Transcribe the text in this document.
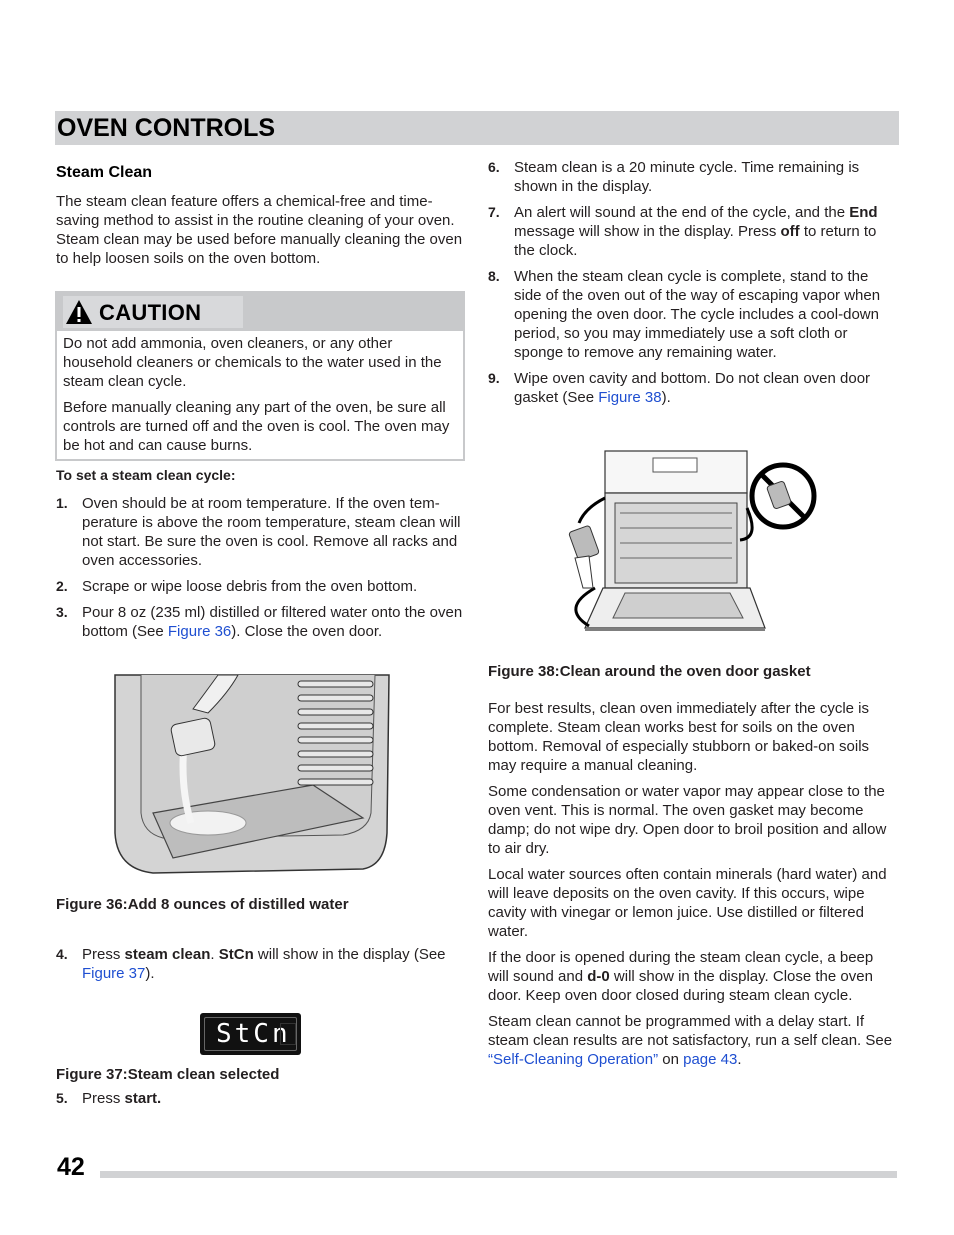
OVEN CONTROLS
Steam Clean

The steam clean feature offers a chemical-free and time-saving method to assist in the routine cleaning of your oven. Steam clean may be used before manually cleaning the oven to help loosen soils on the oven bottom.

CAUTION

Do not add ammonia, oven cleaners, or any other household cleaners or chemicals to the water used in the steam clean cycle.

Before manually cleaning any part of the oven, be sure all controls are turned off and the oven is cool. The oven may be hot and can cause burns.

To set a steam clean cycle:

1. Oven should be at room temperature. If the oven tem-perature is above the room temperature, steam clean will not start. Be sure the oven is cool. Remove all racks and oven accessories.
2. Scrape or wipe loose debris from the oven bottom.
3. Pour 8 oz (235 ml) distilled or filtered water onto the oven bottom (See Figure 36). Close the oven door.
Figure 36:Add 8 ounces of distilled water
4. Press steam clean. StCn will show in the display (See Figure 37).
StCn
Figure 37:Steam clean selected
5. Press start.
6. Steam clean is a 20 minute cycle. Time remaining is shown in the display.
7. An alert will sound at the end of the cycle, and the End message will show in the display. Press off to return to the clock.
8. When the steam clean cycle is complete, stand to the side of the oven out of the way of escaping vapor when opening the oven door. The cycle includes a cool-down period, so you may immediately use a soft cloth or sponge to remove any remaining water.
9. Wipe oven cavity and bottom. Do not clean oven door gasket (See Figure 38).
Figure 38:Clean around the oven door gasket

For best results, clean oven immediately after the cycle is complete. Steam clean works best for soils on the oven bottom. Removal of especially stubborn or baked-on soils may require a manual cleaning.

Some condensation or water vapor may appear close to the oven vent. This is normal. The oven gasket may become damp; do not wipe dry. Open door to broil position and allow to air dry.

Local water sources often contain minerals (hard water) and will leave deposits on the oven cavity. If this occurs, wipe cavity with vinegar or lemon juice. Use distilled or filtered water.

If the door is opened during the steam clean cycle, a beep will sound and d-0 will show in the display. Close the oven door. Keep oven door closed during steam clean cycle.

Steam clean cannot be programmed with a delay start. If steam clean results are not satisfactory, run a self clean. See “Self-Cleaning Operation” on page 43.

42
